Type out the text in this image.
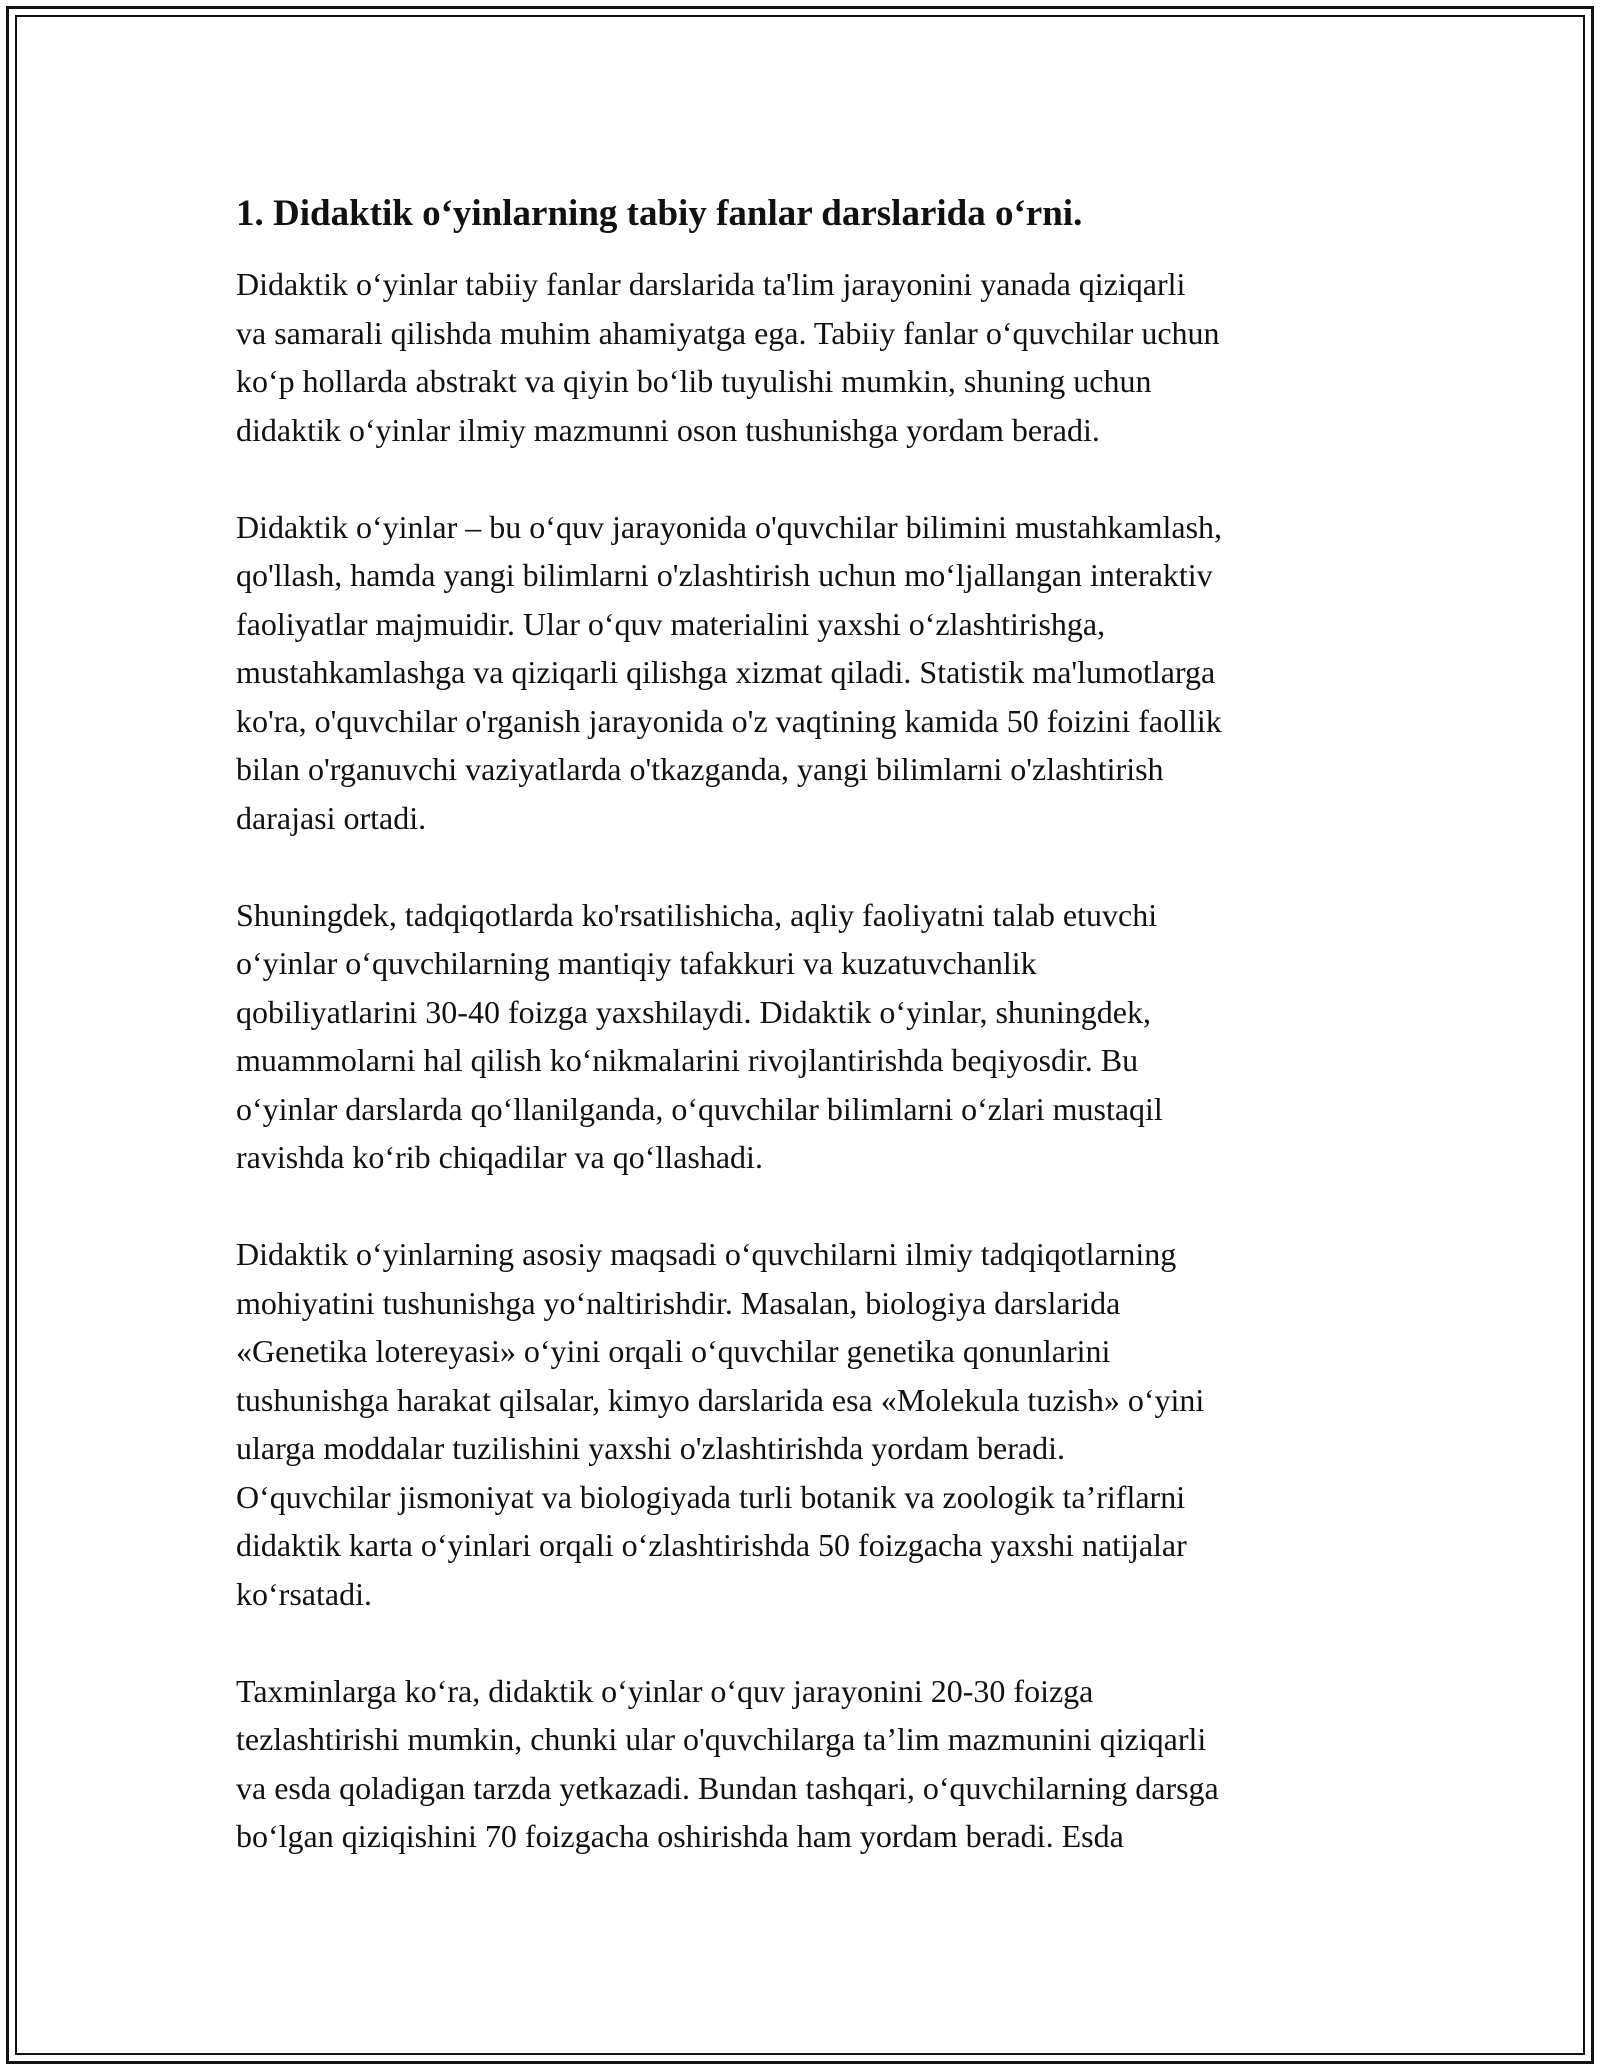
1. Didaktik o‘yinlarning tabiy fanlar darslarida o‘rni.

Didaktik o‘yinlar tabiiy fanlar darslarida ta'lim jarayonini yanada qiziqarli
va samarali qilishda muhim ahamiyatga ega. Tabiiy fanlar o‘quvchilar uchun
ko‘p hollarda abstrakt va qiyin bo‘lib tuyulishi mumkin, shuning uchun
didaktik o‘yinlar ilmiy mazmunni oson tushunishga yordam beradi.

Didaktik o‘yinlar – bu o‘quv jarayonida o'quvchilar bilimini mustahkamlash,
qo'llash, hamda yangi bilimlarni o'zlashtirish uchun mo‘ljallangan interaktiv
faoliyatlar majmuidir. Ular o‘quv materialini yaxshi o‘zlashtirishga,
mustahkamlashga va qiziqarli qilishga xizmat qiladi. Statistik ma'lumotlarga
ko'ra, o'quvchilar o'rganish jarayonida o'z vaqtining kamida 50 foizini faollik
bilan o'rganuvchi vaziyatlarda o'tkazganda, yangi bilimlarni o'zlashtirish
darajasi ortadi.

Shuningdek, tadqiqotlarda ko'rsatilishicha, aqliy faoliyatni talab etuvchi
o‘yinlar o‘quvchilarning mantiqiy tafakkuri va kuzatuvchanlik
qobiliyatlarini 30-40 foizga yaxshilaydi. Didaktik o‘yinlar, shuningdek,
muammolarni hal qilish ko‘nikmalarini rivojlantirishda beqiyosdir. Bu
o‘yinlar darslarda qo‘llanilganda, o‘quvchilar bilimlarni o‘zlari mustaqil
ravishda ko‘rib chiqadilar va qo‘llashadi.

Didaktik o‘yinlarning asosiy maqsadi o‘quvchilarni ilmiy tadqiqotlarning
mohiyatini tushunishga yo‘naltirishdir. Masalan, biologiya darslarida
«Genetika lotereyasi» o‘yini orqali o‘quvchilar genetika qonunlarini
tushunishga harakat qilsalar, kimyo darslarida esa «Molekula tuzish» o‘yini
ularga moddalar tuzilishini yaxshi o'zlashtirishda yordam beradi.
O‘quvchilar jismoniyat va biologiyada turli botanik va zoologik ta’riflarni
didaktik karta o‘yinlari orqali o‘zlashtirishda 50 foizgacha yaxshi natijalar
ko‘rsatadi.

Taxminlarga ko‘ra, didaktik o‘yinlar o‘quv jarayonini 20-30 foizga
tezlashtirishi mumkin, chunki ular o'quvchilarga ta’lim mazmunini qiziqarli
va esda qoladigan tarzda yetkazadi. Bundan tashqari, o‘quvchilarning darsga
bo‘lgan qiziqishini 70 foizgacha oshirishda ham yordam beradi. Esda
